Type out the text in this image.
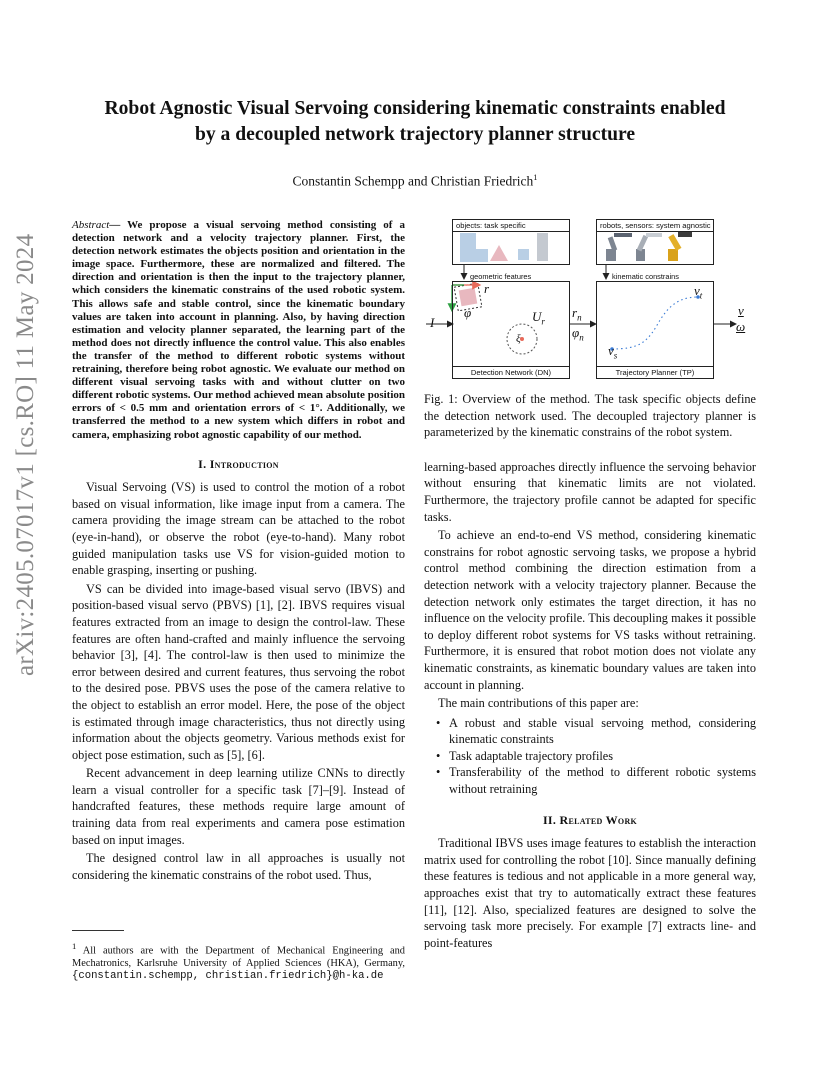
arXiv:2405.07017v1 [cs.RO] 11 May 2024
Robot Agnostic Visual Servoing considering kinematic constraints enabled by a decoupled network trajectory planner structure
Constantin Schempp and Christian Friedrich$^1$

Abstract— We propose a visual servoing method consisting of a detection network and a velocity trajectory planner. First, the detection network estimates the objects position and orientation in the image space. Furthermore, these are normalized and filtered. The direction and orientation is then the input to the trajectory planner, which considers the kinematic constrains of the used robotic system. This allows safe and stable control, since the kinematic boundary values are taken into account in planning. Also, by having direction estimation and velocity planner separated, the learning part of the method does not directly influence the control value. This also enables the transfer of the method to different robotic systems without retraining, therefore being robot agnostic. We evaluate our method on different visual servoing tasks with and without clutter on two different robotic systems. Our method achieved mean absolute position errors of < 0.5 mm and orientation errors of < 1°. Additionally, we transferred the method to a new system which differs in robot and camera, emphasizing robot agnostic capability of our method.

I. Introduction

Visual Servoing (VS) is used to control the motion of a robot based on visual information, like image input from a camera. The camera providing the image stream can be attached to the robot (eye-in-hand), or observe the robot (eye-to-hand). Many robot guided manipulation tasks use VS for vision-guided motion to enable grasping, inserting or pushing.

VS can be divided into image-based visual servo (IBVS) and position-based visual servo (PBVS) [1], [2]. IBVS requires visual features extracted from an image to design the control-law. These features are often hand-crafted and mainly influence the servoing behavior [3], [4]. The control-law is then used to minimize the error between desired and current features, thus servoing the robot to the desired pose. PBVS uses the pose of the camera relative to the object to establish an error model. Here, the pose of the object is estimated through image characteristics, thus not directly using information about the objects geometry. Various methods exist for object pose estimation, such as [5], [6].

Recent advancement in deep learning utilize CNNs to directly learn a visual controller for a specific task [7]–[9]. Instead of handcrafted features, these methods require large amount of training data from real experiments and camera pose estimation based on input images.

The designed control law in all approaches is usually not considering the kinematic constrains of the robot used. Thus,

$^1$ All authors are with the Department of Mechanical Engineering and Mechatronics, Karlsruhe University of Applied Sciences (HKA), Germany, {constantin.schempp, christian.friedrich}@h-ka.de
objects: task specific	robots, sensors: system agnostic
Detection Network (DN)	Trajectory Planner (TP)
geometric features	kinematic constrains
I
r
φ	$U_r$
ξ
$r_n$
$\varphi_n$
$v_t$
$v_s$
v
ω

Fig. 1: Overview of the method. The task specific objects define the detection network used. The decoupled trajectory planner is parameterized by the kinematic constrains of the robot system.

learning-based approaches directly influence the servoing behavior without ensuring that kinematic limits are not violated. Furthermore, the trajectory profile cannot be adapted for specific tasks.

To achieve an end-to-end VS method, considering kinematic constrains for robot agnostic servoing tasks, we propose a hybrid control method combining the direction estimation from a detection network with a velocity trajectory planner. Because the detection network only estimates the target direction, it has no influence on the velocity profile. This decoupling makes it possible to deploy different robot systems for VS tasks without retraining. Furthermore, it is ensured that robot motion does not violate any kinematic constraints, as kinematic boundary values are taken into account in planning.

The main contributions of this paper are:

• A robust and stable visual servoing method, considering kinematic constraints
• Task adaptable trajectory profiles
• Transferability of the method to different robotic systems without retraining
II. Related Work

Traditional IBVS uses image features to establish the interaction matrix used for controlling the robot [10]. Since manually defining these features is tedious and not applicable in a more general way, approaches exist that try to automatically extract these features [11], [12]. Also, specialized features are designed to solve the servoing task more precisely. For example [7] extracts line- and point-features
